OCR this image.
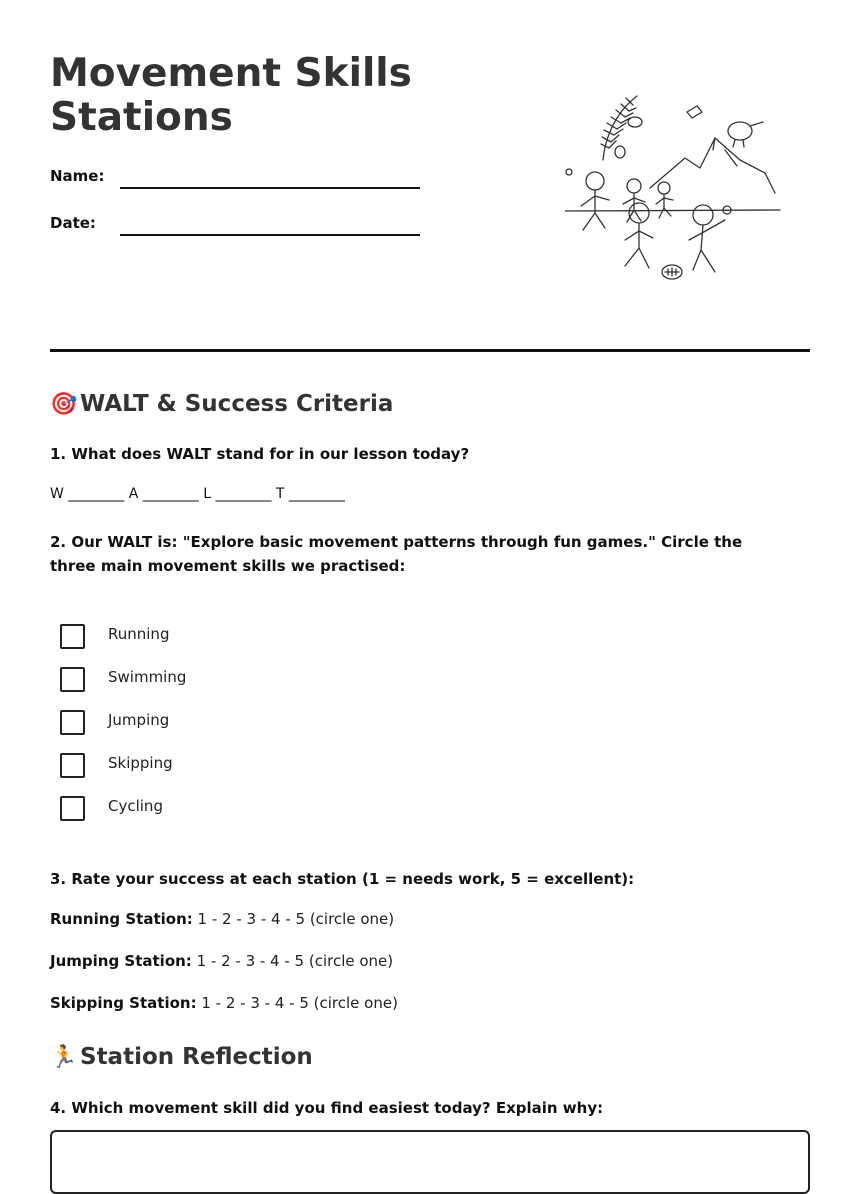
Movement Skills Stations
Name:
Date:
🎯 WALT & Success Criteria

1. What does WALT stand for in our lesson today?

W ________ A ________ L ________ T ________

2. Our WALT is: "Explore basic movement patterns through fun games." Circle the three main movement skills we practised:

Running
Swimming
Jumping
Skipping
Cycling

3. Rate your success at each station (1 = needs work, 5 = excellent):

Running Station: 1 - 2 - 3 - 4 - 5 (circle one)
Jumping Station: 1 - 2 - 3 - 4 - 5 (circle one)
Skipping Station: 1 - 2 - 3 - 4 - 5 (circle one)
🏃 Station Reflection

4. Which movement skill did you find easiest today? Explain why:
